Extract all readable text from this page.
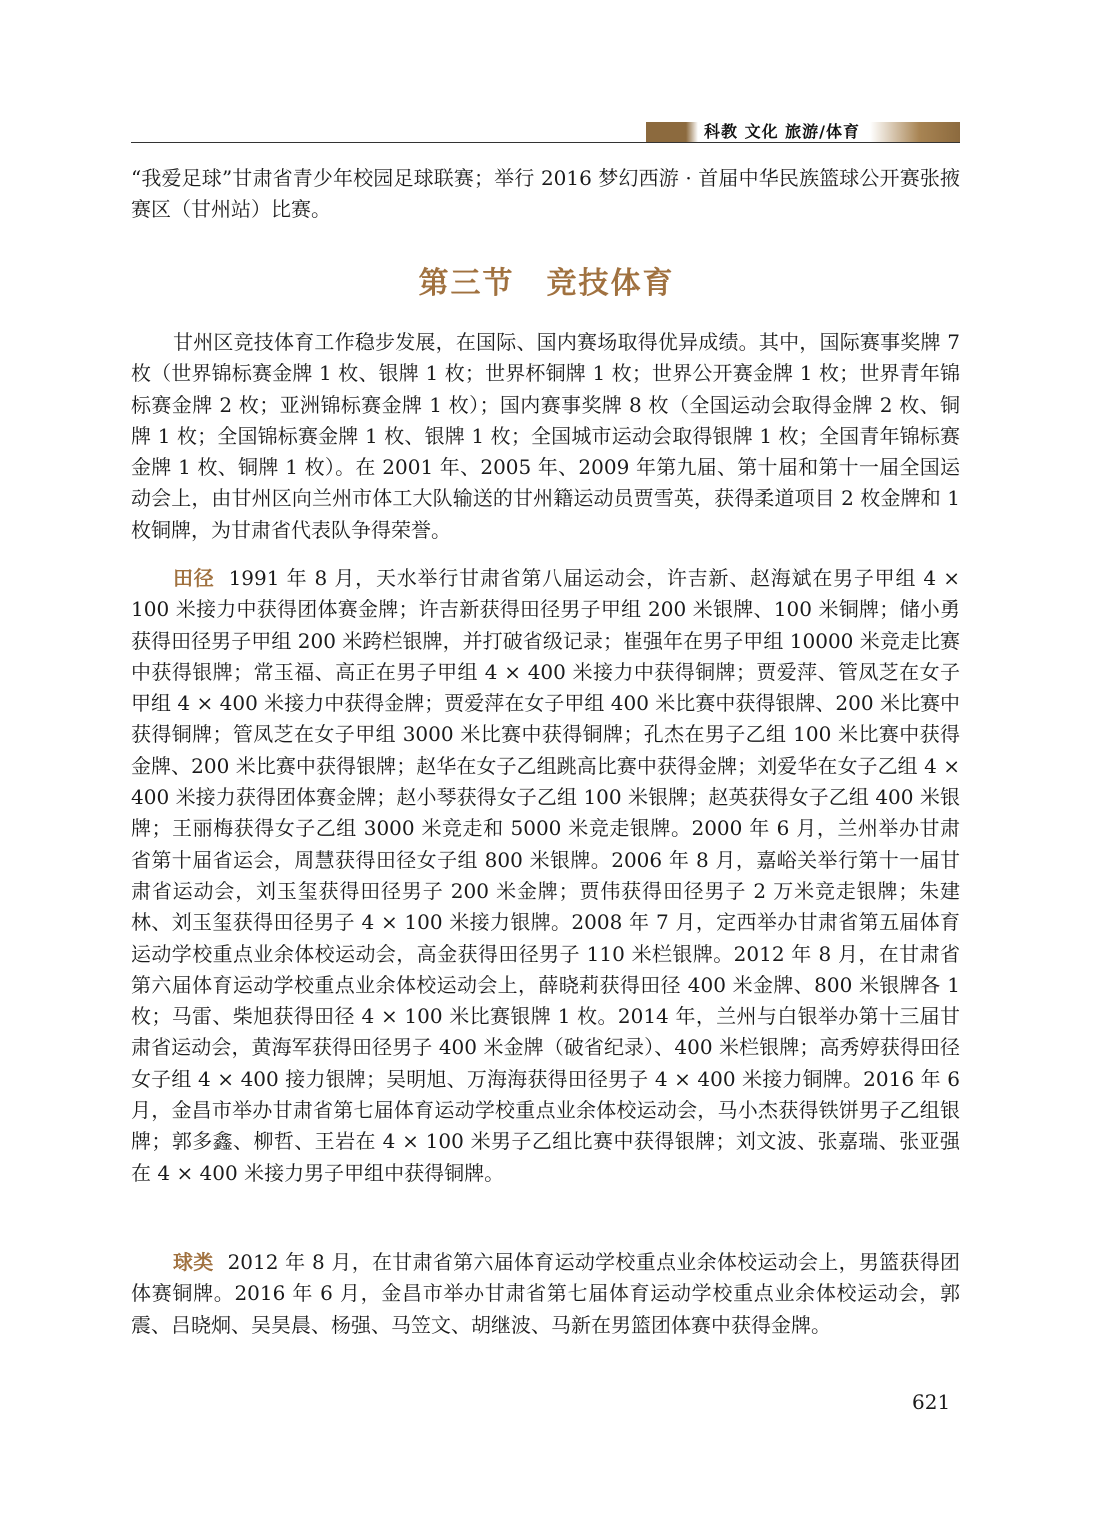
科教 文化 旅游/体育

“我爱足球”甘肃省青少年校园足球联赛；举行 2016 梦幻西游 · 首届中华民族篮球公开赛张掖赛区（甘州站）比赛。

第三节 竞技体育

甘州区竞技体育工作稳步发展，在国际、国内赛场取得优异成绩。其中，国际赛事奖牌 7 枚（世界锦标赛金牌 1 枚、银牌 1 枚；世界杯铜牌 1 枚；世界公开赛金牌 1 枚；世界青年锦标赛金牌 2 枚；亚洲锦标赛金牌 1 枚）；国内赛事奖牌 8 枚（全国运动会取得金牌 2 枚、铜牌 1 枚；全国锦标赛金牌 1 枚、银牌 1 枚；全国城市运动会取得银牌 1 枚；全国青年锦标赛金牌 1 枚、铜牌 1 枚）。在 2001 年、2005 年、2009 年第九届、第十届和第十一届全国运动会上，由甘州区向兰州市体工大队输送的甘州籍运动员贾雪英，获得柔道项目 2 枚金牌和 1 枚铜牌，为甘肃省代表队争得荣誉。

田径 1991 年 8 月，天水举行甘肃省第八届运动会，许吉新、赵海斌在男子甲组 4 × 100 米接力中获得团体赛金牌；许吉新获得田径男子甲组 200 米银牌、100 米铜牌；储小勇获得田径男子甲组 200 米跨栏银牌，并打破省级记录；崔强年在男子甲组 10000 米竞走比赛中获得银牌；常玉福、高正在男子甲组 4 × 400 米接力中获得铜牌；贾爱萍、管凤芝在女子甲组 4 × 400 米接力中获得金牌；贾爱萍在女子甲组 400 米比赛中获得银牌、200 米比赛中获得铜牌；管凤芝在女子甲组 3000 米比赛中获得铜牌；孔杰在男子乙组 100 米比赛中获得金牌、200 米比赛中获得银牌；赵华在女子乙组跳高比赛中获得金牌；刘爱华在女子乙组 4 × 400 米接力获得团体赛金牌；赵小琴获得女子乙组 100 米银牌；赵英获得女子乙组 400 米银牌；王丽梅获得女子乙组 3000 米竞走和 5000 米竞走银牌。2000 年 6 月，兰州举办甘肃省第十届省运会，周慧获得田径女子组 800 米银牌。2006 年 8 月，嘉峪关举行第十一届甘肃省运动会，刘玉玺获得田径男子 200 米金牌；贾伟获得田径男子 2 万米竞走银牌；朱建林、刘玉玺获得田径男子 4 × 100 米接力银牌。2008 年 7 月，定西举办甘肃省第五届体育运动学校重点业余体校运动会，高金获得田径男子 110 米栏银牌。2012 年 8 月，在甘肃省第六届体育运动学校重点业余体校运动会上，薛晓莉获得田径 400 米金牌、800 米银牌各 1 枚；马雷、柴旭获得田径 4 × 100 米比赛银牌 1 枚。2014 年，兰州与白银举办第十三届甘肃省运动会，黄海军获得田径男子 400 米金牌（破省纪录）、400 米栏银牌；高秀婷获得田径女子组 4 × 400 接力银牌；吴明旭、万海海获得田径男子 4 × 400 米接力铜牌。2016 年 6 月，金昌市举办甘肃省第七届体育运动学校重点业余体校运动会，马小杰获得铁饼男子乙组银牌；郭多鑫、柳哲、王岩在 4 × 100 米男子乙组比赛中获得银牌；刘文波、张嘉瑞、张亚强在 4 × 400 米接力男子甲组中获得铜牌。

球类 2012 年 8 月，在甘肃省第六届体育运动学校重点业余体校运动会上，男篮获得团体赛铜牌。2016 年 6 月，金昌市举办甘肃省第七届体育运动学校重点业余体校运动会，郭震、吕晓炯、吴昊晨、杨强、马笠文、胡继波、马新在男篮团体赛中获得金牌。

621
